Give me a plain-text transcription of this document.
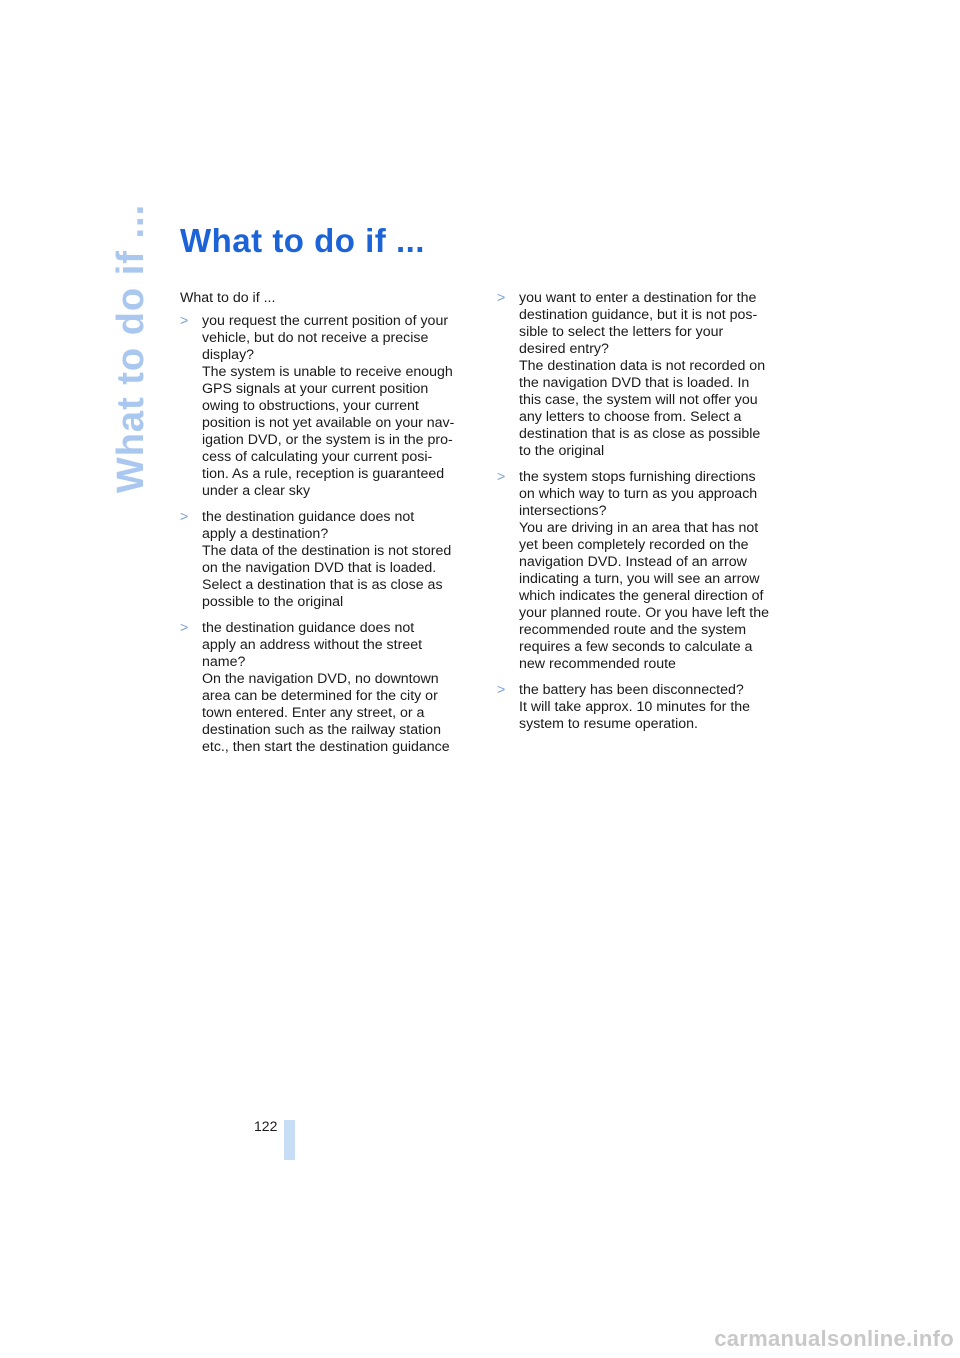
What to do if ... What to do if ...

What to do if ...

> you request the current position of your
vehicle, but do not receive a precise
display?
The system is unable to receive enough
GPS signals at your current position
owing to obstructions, your current
position is not yet available on your nav-
igation DVD, or the system is in the pro-
cess of calculating your current posi-
tion. As a rule, reception is guaranteed
under a clear sky
> the destination guidance does not
apply a destination?
The data of the destination is not stored
on the navigation DVD that is loaded.
Select a destination that is as close as
possible to the original
> the destination guidance does not
apply an address without the street
name?
On the navigation DVD, no downtown
area can be determined for the city or
town entered. Enter any street, or a
destination such as the railway station
etc., then start the destination guidance
> you want to enter a destination for the
destination guidance, but it is not pos-
sible to select the letters for your
desired entry?
The destination data is not recorded on
the navigation DVD that is loaded. In
this case, the system will not offer you
any letters to choose from. Select a
destination that is as close as possible
to the original
> the system stops furnishing directions
on which way to turn as you approach
intersections?
You are driving in an area that has not
yet been completely recorded on the
navigation DVD. Instead of an arrow
indicating a turn, you will see an arrow
which indicates the general direction of
your planned route. Or you have left the
recommended route and the system
requires a few seconds to calculate a
new recommended route
> the battery has been disconnected?
It will take approx. 10 minutes for the
system to resume operation.
122
carmanualsonline.info
